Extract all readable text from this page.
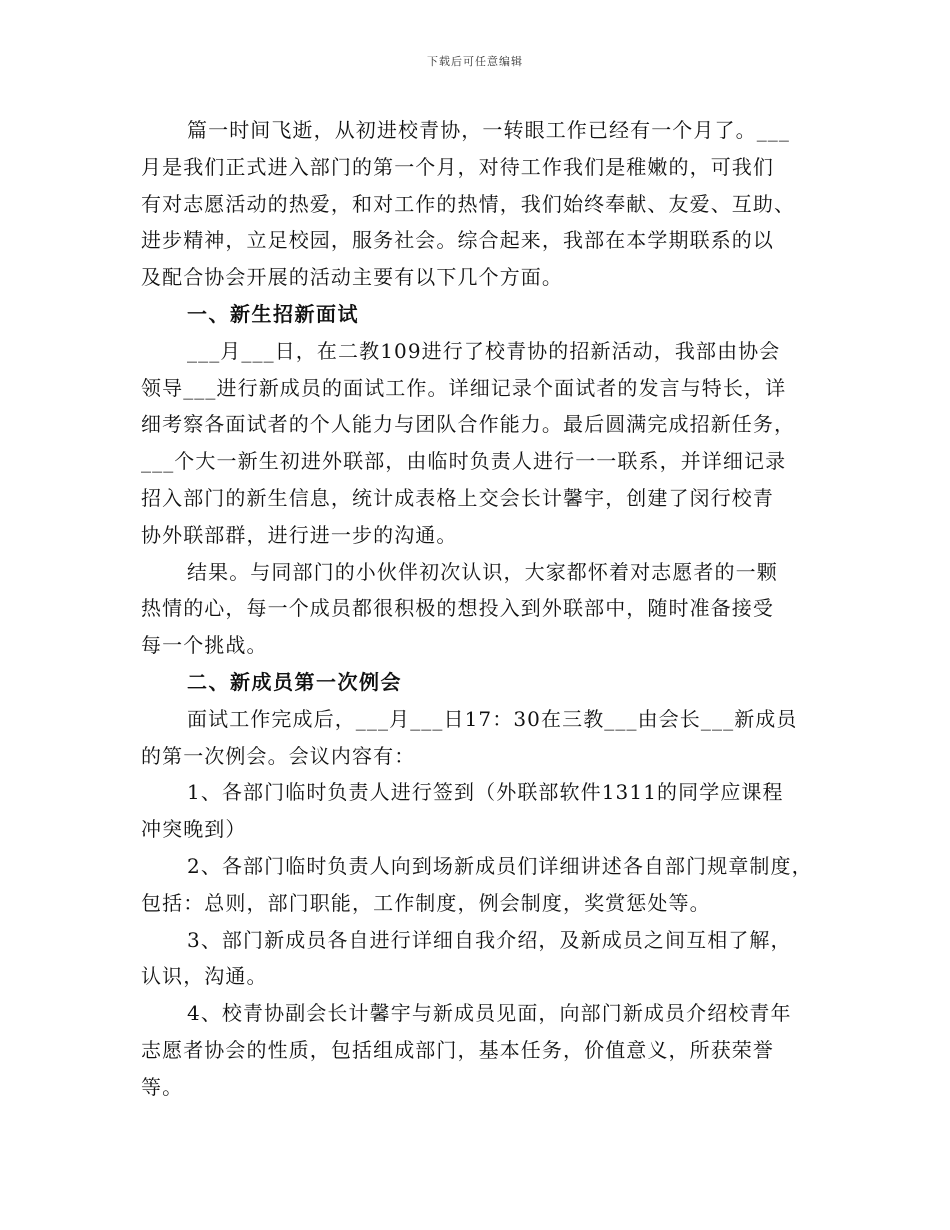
下载后可任意编辑
篇一时间飞逝，从初进校青协，一转眼工作已经有一个月了。___
月是我们正式进入部门的第一个月，对待工作我们是稚嫩的，可我们
有对志愿活动的热爱，和对工作的热情，我们始终奉献、友爱、互助、
进步精神，立足校园，服务社会。综合起来，我部在本学期联系的以
及配合协会开展的活动主要有以下几个方面。
一、新生招新面试
___月___日，在二教109进行了校青协的招新活动，我部由协会
领导___进行新成员的面试工作。详细记录个面试者的发言与特长，详
细考察各面试者的个人能力与团队合作能力。最后圆满完成招新任务，
___个大一新生初进外联部，由临时负责人进行一一联系，并详细记录
招入部门的新生信息，统计成表格上交会长计馨宇，创建了闵行校青
协外联部群，进行进一步的沟通。
结果。与同部门的小伙伴初次认识，大家都怀着对志愿者的一颗
热情的心，每一个成员都很积极的想投入到外联部中，随时准备接受
每一个挑战。
二、新成员第一次例会
面试工作完成后，___月___日17：30在三教___由会长___新成员
的第一次例会。会议内容有：
1、各部门临时负责人进行签到（外联部软件1311的同学应课程
冲突晚到）
2、各部门临时负责人向到场新成员们详细讲述各自部门规章制度，
包括：总则，部门职能，工作制度，例会制度，奖赏惩处等。
3、部门新成员各自进行详细自我介绍，及新成员之间互相了解，
认识，沟通。
4、校青协副会长计馨宇与新成员见面，向部门新成员介绍校青年
志愿者协会的性质，包括组成部门，基本任务，价值意义，所获荣誉
等。
